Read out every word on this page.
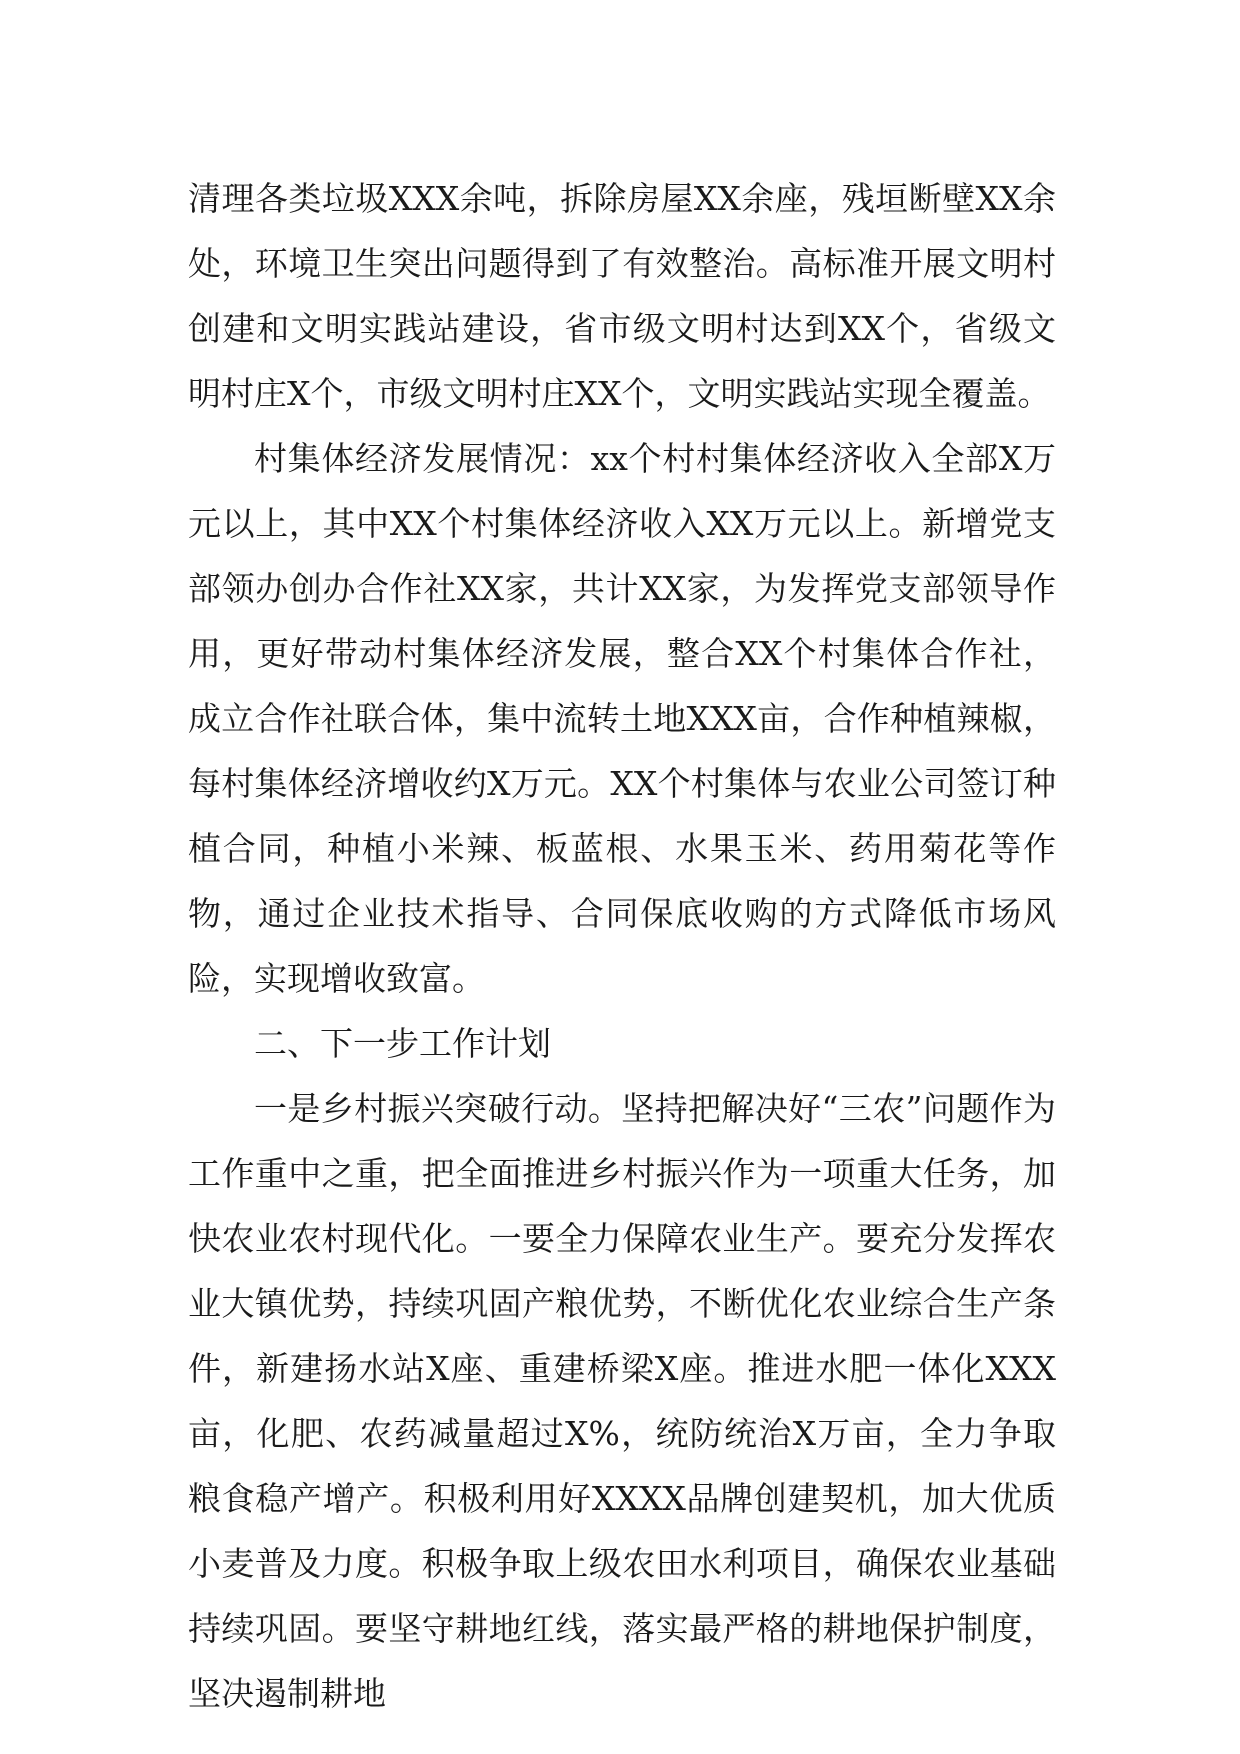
清理各类垃圾XXX余吨，拆除房屋XX余座，残垣断壁XX余处，环境卫生突出问题得到了有效整治。高标准开展文明村创建和文明实践站建设，省市级文明村达到XX个，省级文明村庄X个，市级文明村庄XX个，文明实践站实现全覆盖。

村集体经济发展情况：xx个村村集体经济收入全部X万元以上，其中XX个村集体经济收入XX万元以上。新增党支部领办创办合作社XX家，共计XX家，为发挥党支部领导作用，更好带动村集体经济发展，整合XX个村集体合作社，成立合作社联合体，集中流转土地XXX亩，合作种植辣椒，每村集体经济增收约X万元。XX个村集体与农业公司签订种植合同，种植小米辣、板蓝根、水果玉米、药用菊花等作物，通过企业技术指导、合同保底收购的方式降低市场风险，实现增收致富。

二、下一步工作计划

一是乡村振兴突破行动。坚持把解决好“三农”问题作为工作重中之重，把全面推进乡村振兴作为一项重大任务，加快农业农村现代化。一要全力保障农业生产。要充分发挥农业大镇优势，持续巩固产粮优势，不断优化农业综合生产条件，新建扬水站X座、重建桥梁X座。推进水肥一体化XXX亩，化肥、农药减量超过X%，统防统治X万亩，全力争取粮食稳产增产。积极利用好XXXX品牌创建契机，加大优质小麦普及力度。积极争取上级农田水利项目，确保农业基础持续巩固。要坚守耕地红线，落实最严格的耕地保护制度，坚决遏制耕地
